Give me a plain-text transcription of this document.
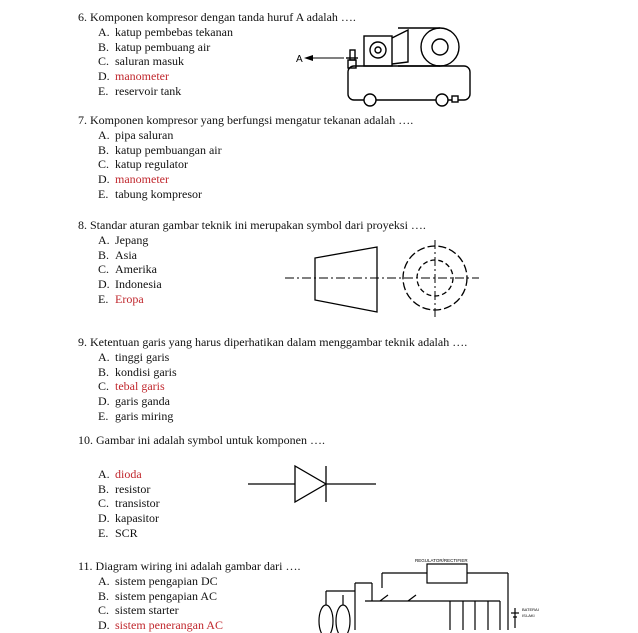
6. Komponen kompresor dengan tanda huruf A adalah ….
A. katup pembebas tekanan
B. katup pembuang air
C. saluran masuk
D. manometer
E. reservoir tank
7. Komponen kompresor yang berfungsi mengatur tekanan adalah ….
A. pipa saluran
B. katup pembuangan air
C. katup regulator
D. manometer
E. tabung kompresor
8. Standar aturan gambar teknik ini merupakan symbol dari proyeksi ….
A. Jepang
B. Asia
C. Amerika
D. Indonesia
E. Eropa
9. Ketentuan garis yang harus diperhatikan dalam menggambar teknik adalah ….
A. tinggi garis
B. kondisi garis
C. tebal garis
D. garis ganda
E. garis miring
10. Gambar ini adalah symbol untuk komponen ….
A. dioda
B. resistor
C. transistor
D. kapasitor
E. SCR
11. Diagram wiring ini adalah gambar dari ….
A. sistem pengapian DC
B. sistem pengapian AC
C. sistem starter
D. sistem penerangan AC
A
REGULATOR/RECTIFIER
BATERAI
ISI-AKI
